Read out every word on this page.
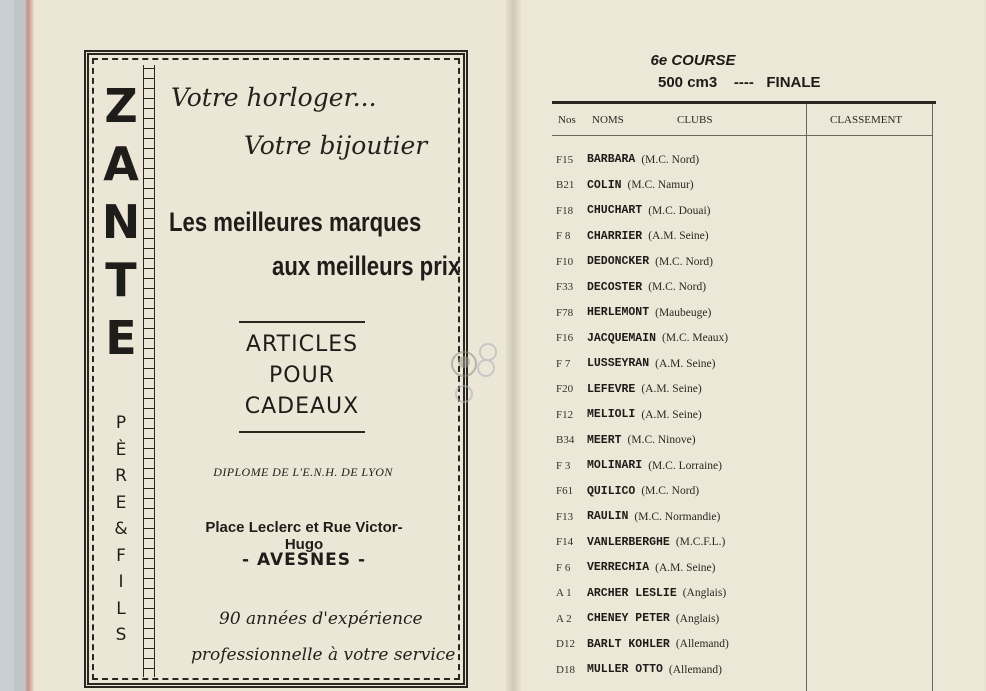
Z
A
N
T
E
P
È
R
E
&
F
I
L
S
Votre horloger...
Votre bijoutier
Les meilleures marques
aux meilleurs prix
ARTICLES
POUR
CADEAUX
DIPLOME DE L'E.N.H. DE LYON
Place Leclerc et Rue Victor-Hugo
- AVESNES -
90 années d'expérience
professionnelle à votre service
6e COURSE
500 cm3    ----   FINALE
Nos NOMS	CLUBS	CLASSEMENT
F15	BARBARA (M.C. Nord)
B21	COLIN (M.C. Namur)
F18	CHUCHART (M.C. Douai)
F 8	CHARRIER (A.M. Seine)
F10	DEDONCKER (M.C. Nord)
F33	DECOSTER (M.C. Nord)
F78	HERLEMONT (Maubeuge)
F16	JACQUEMAIN (M.C. Meaux)
F 7	LUSSEYRAN (A.M. Seine)
F20	LEFEVRE (A.M. Seine)
F12	MELIOLI (A.M. Seine)
B34	MEERT (M.C. Ninove)
F 3	MOLINARI (M.C. Lorraine)
F61	QUILICO (M.C. Nord)
F13	RAULIN (M.C. Normandie)
F14	VANLERBERGHE (M.C.F.L.)
F 6	VERRECHIA (A.M. Seine)
A 1	ARCHER LESLIE (Anglais)
A 2	CHENEY PETER (Anglais)
D12	BARLT KOHLER (Allemand)
D18	MULLER OTTO (Allemand)
